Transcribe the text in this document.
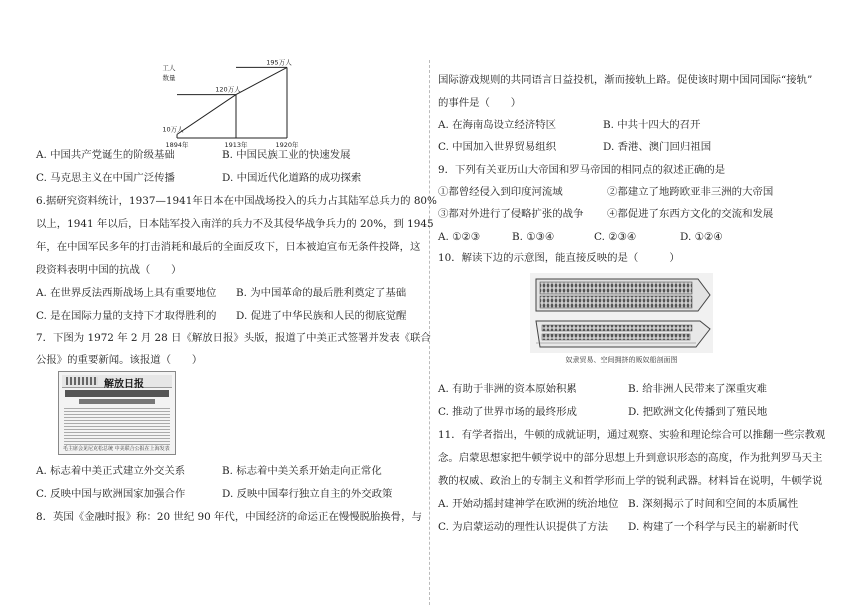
工人
数量
10万人
1894年
120万人
1913年
195万人
1920年
A. 中国共产党诞生的阶级基础	B. 中国民族工业的快速发展
C. 马克思主义在中国广泛传播	D. 中国近代化道路的成功探索
6.据研究资料统计，1937—1941年日本在中国战场投入的兵力占其陆军总兵力的 80%
以上，1941 年以后，日本陆军投入南洋的兵力不及其侵华战争兵力的 20%，到 1945
年，在中国军民多年的打击消耗和最后的全面反攻下，日本被迫宣布无条件投降，这
段资料表明中国的抗战（　　）
A. 在世界反法西斯战场上具有重要地位 B. 为中国革命的最后胜利奠定了基础
C. 是在国际力量的支持下才取得胜利的 D. 促进了中华民族和人民的彻底觉醒
7．下图为 1972 年 2 月 28 日《解放日报》头版，报道了中美正式签署并发表《联合
公报》的重要新闻。该报道（　　）
解放日报
毛主席会见尼克松总统 中美联合公报在上海发表
A. 标志着中美正式建立外交关系	B. 标志着中美关系开始走向正常化
C. 反映中国与欧洲国家加强合作	D. 反映中国奉行独立自主的外交政策
8．英国《金融时报》称：20 世纪 90 年代，中国经济的命运正在慢慢脱胎换骨，与
国际游戏规则的共同语言日益投机，渐而接轨上路。促使该时期中国同国际“接轨”
的事件是（　　）
A. 在海南岛设立经济特区	B. 中共十四大的召开
C. 中国加入世界贸易组织	D. 香港、澳门回归祖国
9．下列有关亚历山大帝国和罗马帝国的相同点的叙述正确的是
①都曾经侵入到印度河流域	②都建立了地跨欧亚非三洲的大帝国
③都对外进行了侵略扩张的战争 ④都促进了东西方文化的交流和发展
A. ①②③	B. ①③④	C. ②③④	D. ①②④
10．解读下边的示意图，能直接反映的是（　　　）
奴隶贸易、空间拥挤的贩奴船剖面图
A. 有助于非洲的资本原始积累	B. 给非洲人民带来了深重灾难
C. 推动了世界市场的最终形成	D. 把欧洲文化传播到了殖民地
11．有学者指出，牛顿的成就证明，通过观察、实验和理论综合可以推翻一些宗教观
念。启蒙思想家把牛顿学说中的部分思想上升到意识形态的高度，作为批判罗马天主
教的权威、政治上的专制主义和哲学形而上学的锐利武器。材料旨在说明，牛顿学说
A. 开始动摇封建神学在欧洲的统治地位 B. 深刻揭示了时间和空间的本质属性
C. 为启蒙运动的理性认识提供了方法 D. 构建了一个科学与民主的崭新时代
